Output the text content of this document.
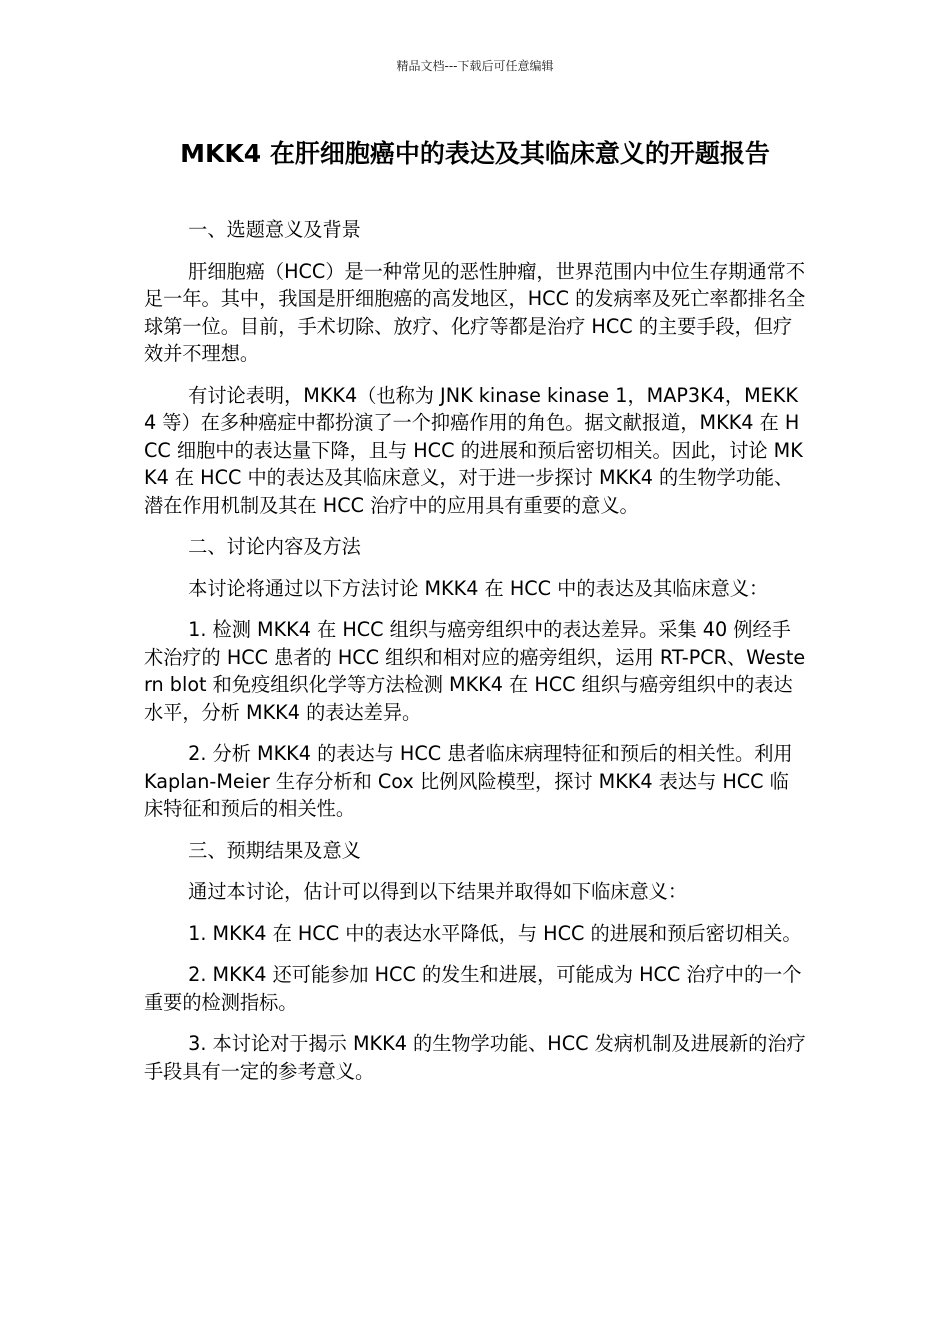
精品文档---下载后可任意编辑
MKK4 在肝细胞癌中的表达及其临床意义的开题报告

一、选题意义及背景

肝细胞癌（HCC）是一种常见的恶性肿瘤，世界范围内中位生存期通常不足一年。其中，我国是肝细胞癌的高发地区，HCC 的发病率及死亡率都排名全球第一位。目前，手术切除、放疗、化疗等都是治疗 HCC 的主要手段，但疗效并不理想。

有讨论表明，MKK4（也称为 JNK kinase kinase 1，MAP3K4，MEKK4 等）在多种癌症中都扮演了一个抑癌作用的角色。据文献报道，MKK4 在 HCC 细胞中的表达量下降，且与 HCC 的进展和预后密切相关。因此，讨论 MKK4 在 HCC 中的表达及其临床意义，对于进一步探讨 MKK4 的生物学功能、潜在作用机制及其在 HCC 治疗中的应用具有重要的意义。

二、讨论内容及方法

本讨论将通过以下方法讨论 MKK4 在 HCC 中的表达及其临床意义：

1. 检测 MKK4 在 HCC 组织与癌旁组织中的表达差异。采集 40 例经手术治疗的 HCC 患者的 HCC 组织和相对应的癌旁组织，运用 RT-PCR、Western blot 和免疫组织化学等方法检测 MKK4 在 HCC 组织与癌旁组织中的表达水平，分析 MKK4 的表达差异。

2. 分析 MKK4 的表达与 HCC 患者临床病理特征和预后的相关性。利用 Kaplan-Meier 生存分析和 Cox 比例风险模型，探讨 MKK4 表达与 HCC 临床特征和预后的相关性。

三、预期结果及意义

通过本讨论，估计可以得到以下结果并取得如下临床意义：

1. MKK4 在 HCC 中的表达水平降低，与 HCC 的进展和预后密切相关。

2. MKK4 还可能参加 HCC 的发生和进展，可能成为 HCC 治疗中的一个重要的检测指标。

3. 本讨论对于揭示 MKK4 的生物学功能、HCC 发病机制及进展新的治疗手段具有一定的参考意义。
